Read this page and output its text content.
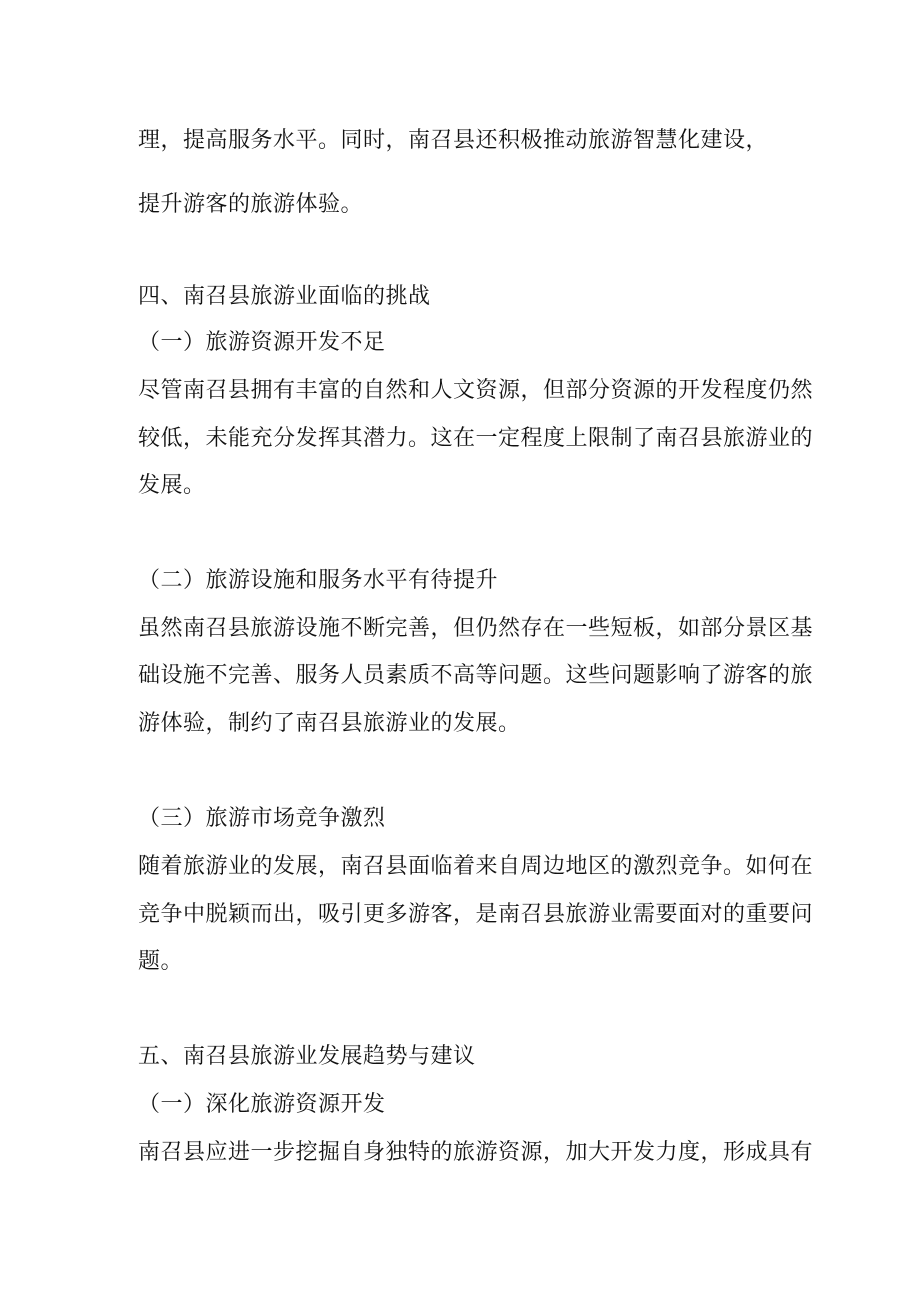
理，提高服务水平。同时，南召县还积极推动旅游智慧化建设，
提升游客的旅游体验。
四、南召县旅游业面临的挑战
（一）旅游资源开发不足
尽管南召县拥有丰富的自然和人文资源，但部分资源的开发程度仍然
较低，未能充分发挥其潜力。这在一定程度上限制了南召县旅游业的
发展。
（二）旅游设施和服务水平有待提升
虽然南召县旅游设施不断完善，但仍然存在一些短板，如部分景区基
础设施不完善、服务人员素质不高等问题。这些问题影响了游客的旅
游体验，制约了南召县旅游业的发展。
（三）旅游市场竞争激烈
随着旅游业的发展，南召县面临着来自周边地区的激烈竞争。如何在
竞争中脱颖而出，吸引更多游客，是南召县旅游业需要面对的重要问
题。
五、南召县旅游业发展趋势与建议
（一）深化旅游资源开发
南召县应进一步挖掘自身独特的旅游资源，加大开发力度，形成具有
